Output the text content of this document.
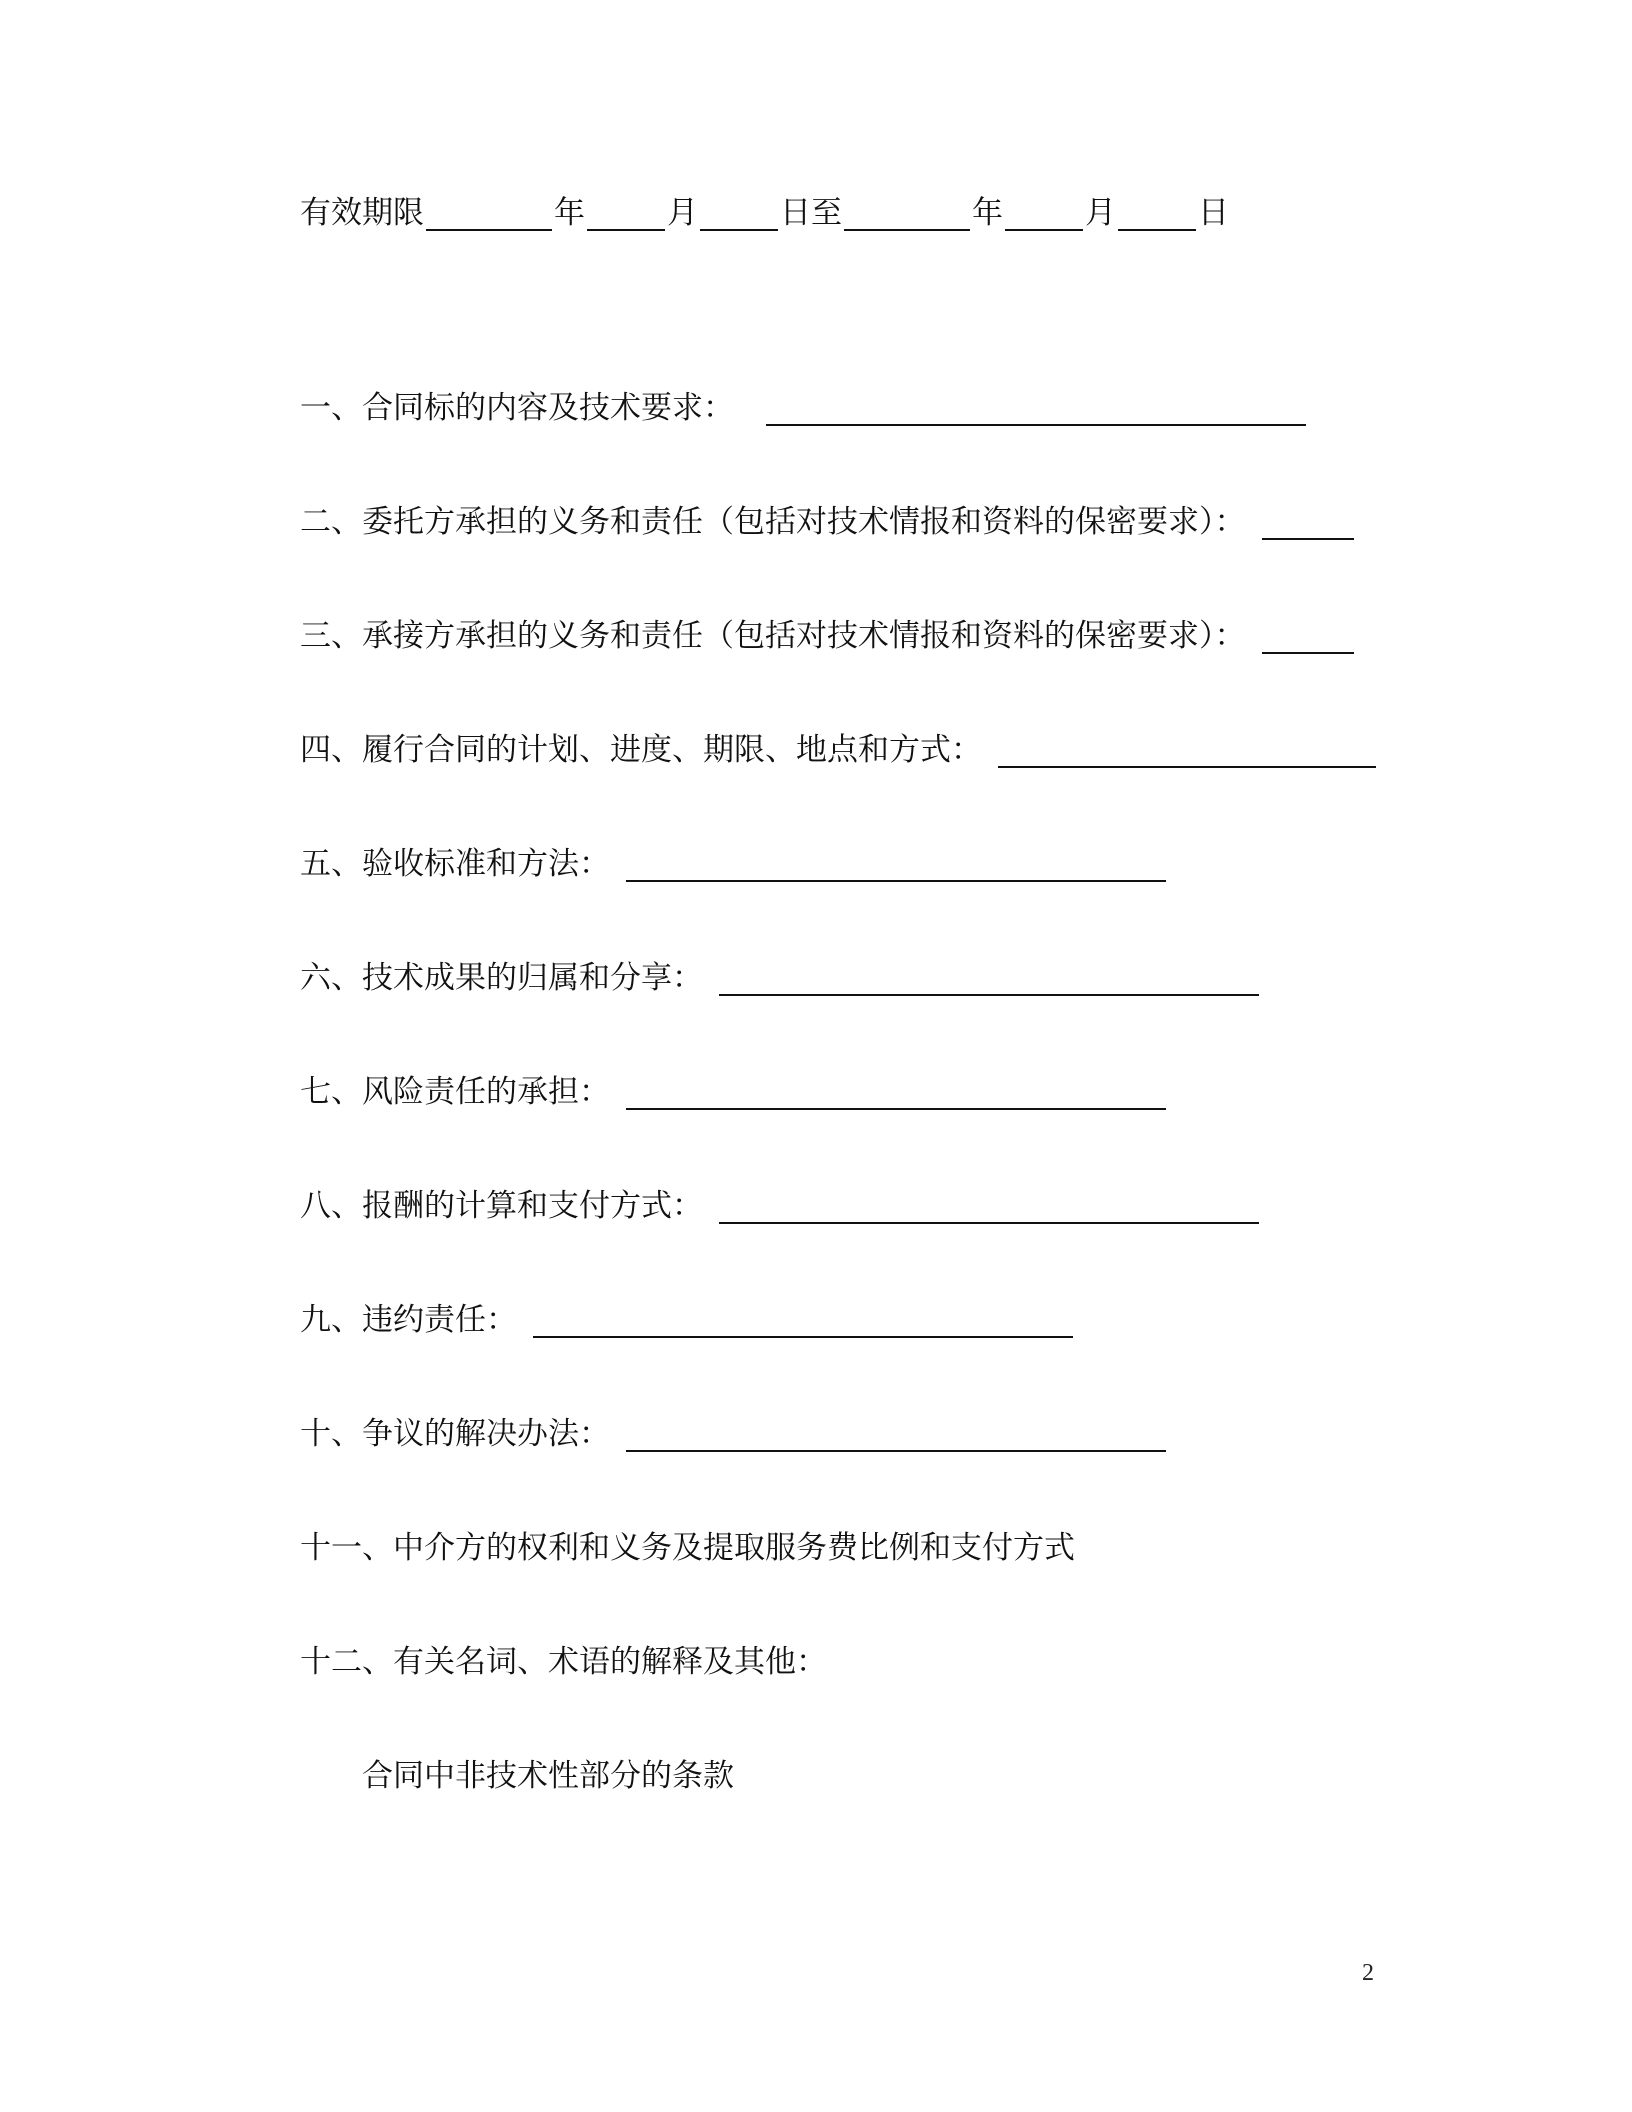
有效期限	年	月	日至	年	月	日
一、合同标的内容及技术要求：
二、委托方承担的义务和责任（包括对技术情报和资料的保密要求）：
三、承接方承担的义务和责任（包括对技术情报和资料的保密要求）：
四、履行合同的计划、进度、期限、地点和方式：
五、验收标准和方法：
六、技术成果的归属和分享：
七、风险责任的承担：
八、报酬的计算和支付方式：
九、违约责任：
十、争议的解决办法：
十一、中介方的权利和义务及提取服务费比例和支付方式
十二、有关名词、术语的解释及其他：
合同中非技术性部分的条款
2
